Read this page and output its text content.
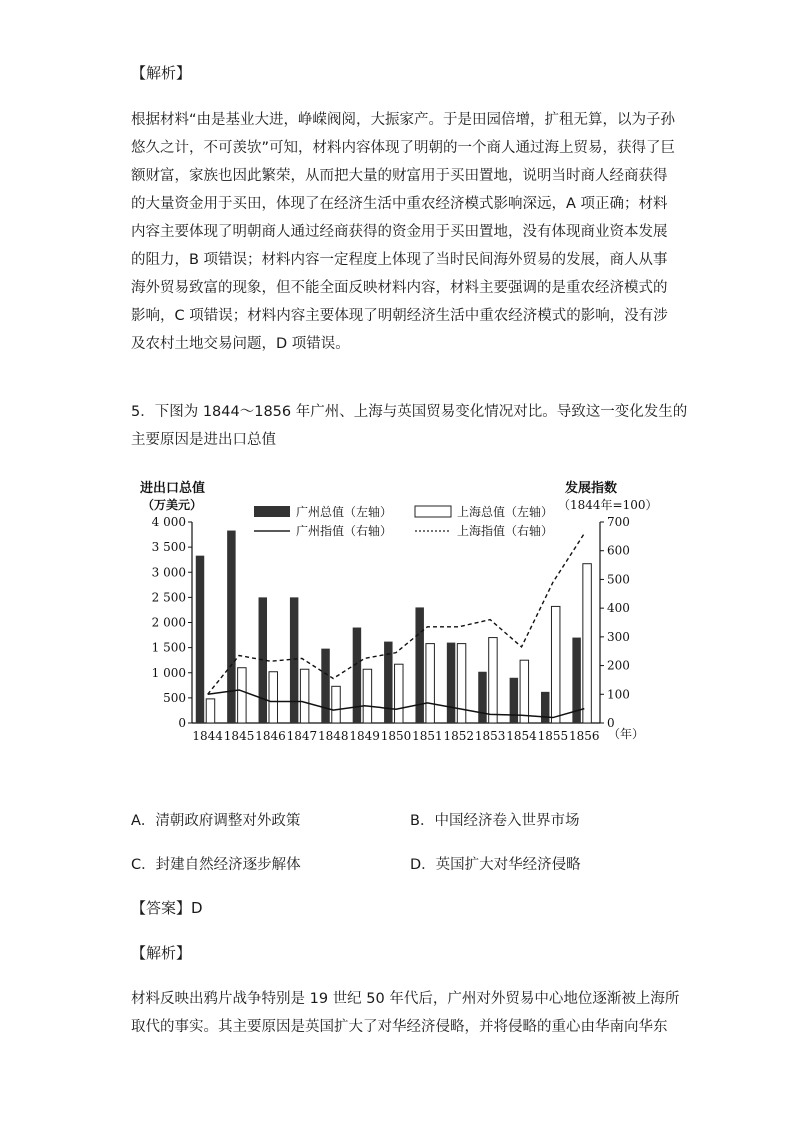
【解析】
根据材料“由是基业大进，峥嵘阀阅，大振家产。于是田园倍增，扩租无算，以为子孙
悠久之计，不可羡欤”可知，材料内容体现了明朝的一个商人通过海上贸易，获得了巨
额财富，家族也因此繁荣，从而把大量的财富用于买田置地，说明当时商人经商获得
的大量资金用于买田，体现了在经济生活中重农经济模式影响深远，A 项正确；材料
内容主要体现了明朝商人通过经商获得的资金用于买田置地，没有体现商业资本发展
的阻力，B 项错误；材料内容一定程度上体现了当时民间海外贸易的发展，商人从事
海外贸易致富的现象，但不能全面反映材料内容，材料主要强调的是重农经济模式的
影响，C 项错误；材料内容主要体现了明朝经济生活中重农经济模式的影响，没有涉
及农村土地交易问题，D 项错误。
5．下图为 1844～1856 年广州、上海与英国贸易变化情况对比。导致这一变化发生的
主要原因是进出口总值
进出口总值
（万美元）
发展指数
（1844年=100）
（年）
广州总值（左轴）	上海总值（左轴）
广州指值（右轴）	上海指值（右轴）
0
500
1 000
1 500
2 000
2 500
3 000
3 500
4 000
0
100
200
300
400
500
600
700
1844 1845 1846 1847 1848 1849 1850 1851 1852 1853 1854 1855 1856
A．清朝政府调整对外政策	B．中国经济卷入世界市场
C．封建自然经济逐步解体	D．英国扩大对华经济侵略
【答案】D
【解析】
材料反映出鸦片战争特别是 19 世纪 50 年代后，广州对外贸易中心地位逐渐被上海所
取代的事实。其主要原因是英国扩大了对华经济侵略，并将侵略的重心由华南向华东
